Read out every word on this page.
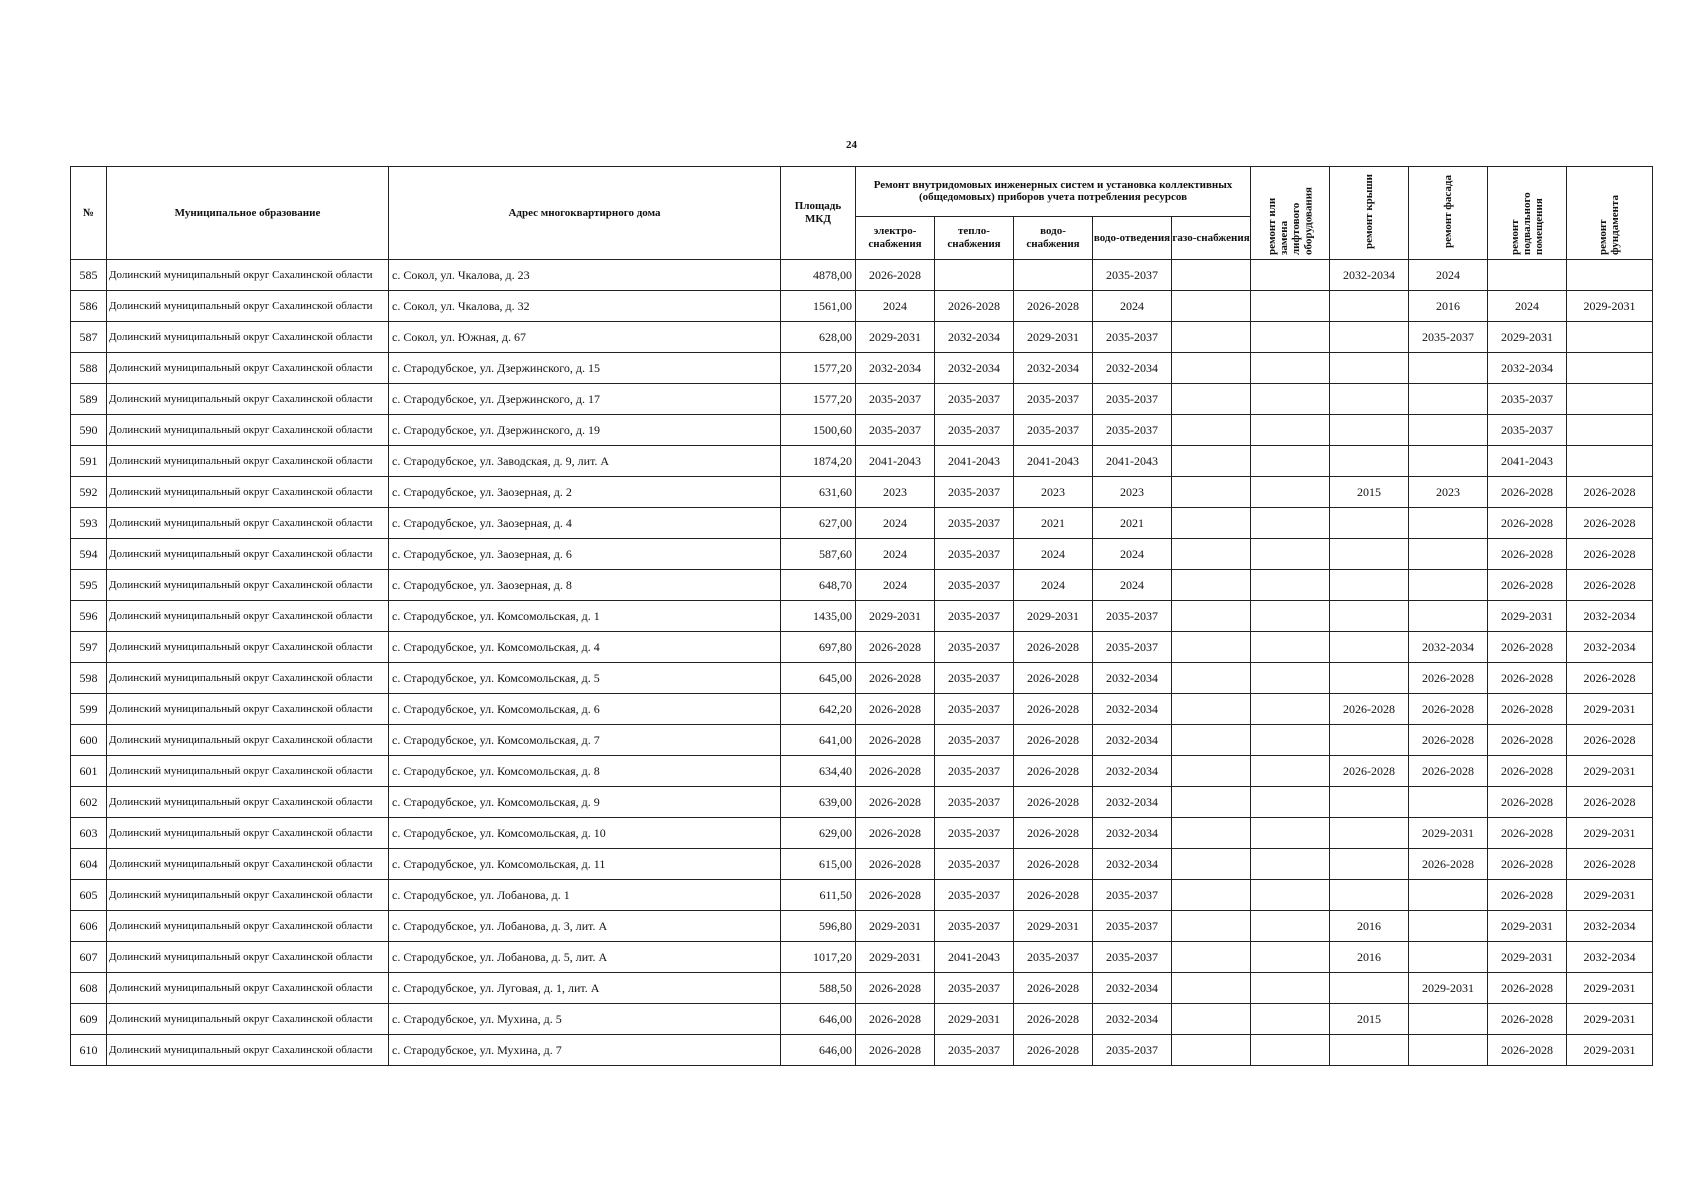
24
№	Муниципальное образование	Адрес многоквартирного дома	Площадь МКД	Ремонт внутридомовых инженерных систем и установка коллективных (общедомовых) приборов учета потребления ресурсов					ремонт или замена лифтового оборудования	ремонт крыши	ремонт фасада	ремонт подвального помещения	ремонт фундамента
				электро-снабжения	тепло-снабжения	водо-снабжения	водо-отведения	газо-снабжения					
585	Долинский муниципальный округ Сахалинской области	с. Сокол, ул. Чкалова, д. 23	4878,00	2026-2028			2035-2037			2032-2034	2024		
586	Долинский муниципальный округ Сахалинской области	с. Сокол, ул. Чкалова, д. 32	1561,00	2024	2026-2028	2026-2028	2024				2016	2024	2029-2031
587	Долинский муниципальный округ Сахалинской области	с. Сокол, ул. Южная, д. 67	628,00	2029-2031	2032-2034	2029-2031	2035-2037				2035-2037	2029-2031	
588	Долинский муниципальный округ Сахалинской области	с. Стародубское, ул. Дзержинского, д. 15	1577,20	2032-2034	2032-2034	2032-2034	2032-2034					2032-2034	
589	Долинский муниципальный округ Сахалинской области	с. Стародубское, ул. Дзержинского, д. 17	1577,20	2035-2037	2035-2037	2035-2037	2035-2037					2035-2037	
590	Долинский муниципальный округ Сахалинской области	с. Стародубское, ул. Дзержинского, д. 19	1500,60	2035-2037	2035-2037	2035-2037	2035-2037					2035-2037	
591	Долинский муниципальный округ Сахалинской области	с. Стародубское, ул. Заводская, д. 9, лит. А	1874,20	2041-2043	2041-2043	2041-2043	2041-2043					2041-2043	
592	Долинский муниципальный округ Сахалинской области	с. Стародубское, ул. Заозерная, д. 2	631,60	2023	2035-2037	2023	2023			2015	2023	2026-2028	2026-2028
593	Долинский муниципальный округ Сахалинской области	с. Стародубское, ул. Заозерная, д. 4	627,00	2024	2035-2037	2021	2021					2026-2028	2026-2028
594	Долинский муниципальный округ Сахалинской области	с. Стародубское, ул. Заозерная, д. 6	587,60	2024	2035-2037	2024	2024					2026-2028	2026-2028
595	Долинский муниципальный округ Сахалинской области	с. Стародубское, ул. Заозерная, д. 8	648,70	2024	2035-2037	2024	2024					2026-2028	2026-2028
596	Долинский муниципальный округ Сахалинской области	с. Стародубское, ул. Комсомольская, д. 1	1435,00	2029-2031	2035-2037	2029-2031	2035-2037					2029-2031	2032-2034
597	Долинский муниципальный округ Сахалинской области	с. Стародубское, ул. Комсомольская, д. 4	697,80	2026-2028	2035-2037	2026-2028	2035-2037				2032-2034	2026-2028	2032-2034
598	Долинский муниципальный округ Сахалинской области	с. Стародубское, ул. Комсомольская, д. 5	645,00	2026-2028	2035-2037	2026-2028	2032-2034				2026-2028	2026-2028	2026-2028
599	Долинский муниципальный округ Сахалинской области	с. Стародубское, ул. Комсомольская, д. 6	642,20	2026-2028	2035-2037	2026-2028	2032-2034			2026-2028	2026-2028	2026-2028	2029-2031
600	Долинский муниципальный округ Сахалинской области	с. Стародубское, ул. Комсомольская, д. 7	641,00	2026-2028	2035-2037	2026-2028	2032-2034				2026-2028	2026-2028	2026-2028
601	Долинский муниципальный округ Сахалинской области	с. Стародубское, ул. Комсомольская, д. 8	634,40	2026-2028	2035-2037	2026-2028	2032-2034			2026-2028	2026-2028	2026-2028	2029-2031
602	Долинский муниципальный округ Сахалинской области	с. Стародубское, ул. Комсомольская, д. 9	639,00	2026-2028	2035-2037	2026-2028	2032-2034					2026-2028	2026-2028
603	Долинский муниципальный округ Сахалинской области	с. Стародубское, ул. Комсомольская, д. 10	629,00	2026-2028	2035-2037	2026-2028	2032-2034				2029-2031	2026-2028	2029-2031
604	Долинский муниципальный округ Сахалинской области	с. Стародубское, ул. Комсомольская, д. 11	615,00	2026-2028	2035-2037	2026-2028	2032-2034				2026-2028	2026-2028	2026-2028
605	Долинский муниципальный округ Сахалинской области	с. Стародубское, ул. Лобанова, д. 1	611,50	2026-2028	2035-2037	2026-2028	2035-2037					2026-2028	2029-2031
606	Долинский муниципальный округ Сахалинской области	с. Стародубское, ул. Лобанова, д. 3, лит. А	596,80	2029-2031	2035-2037	2029-2031	2035-2037			2016		2029-2031	2032-2034
607	Долинский муниципальный округ Сахалинской области	с. Стародубское, ул. Лобанова, д. 5, лит. А	1017,20	2029-2031	2041-2043	2035-2037	2035-2037			2016		2029-2031	2032-2034
608	Долинский муниципальный округ Сахалинской области	с. Стародубское, ул. Луговая, д. 1, лит. А	588,50	2026-2028	2035-2037	2026-2028	2032-2034				2029-2031	2026-2028	2029-2031
609	Долинский муниципальный округ Сахалинской области	с. Стародубское, ул. Мухина, д. 5	646,00	2026-2028	2029-2031	2026-2028	2032-2034			2015		2026-2028	2029-2031
610	Долинский муниципальный округ Сахалинской области	с. Стародубское, ул. Мухина, д. 7	646,00	2026-2028	2035-2037	2026-2028	2035-2037					2026-2028	2029-2031
